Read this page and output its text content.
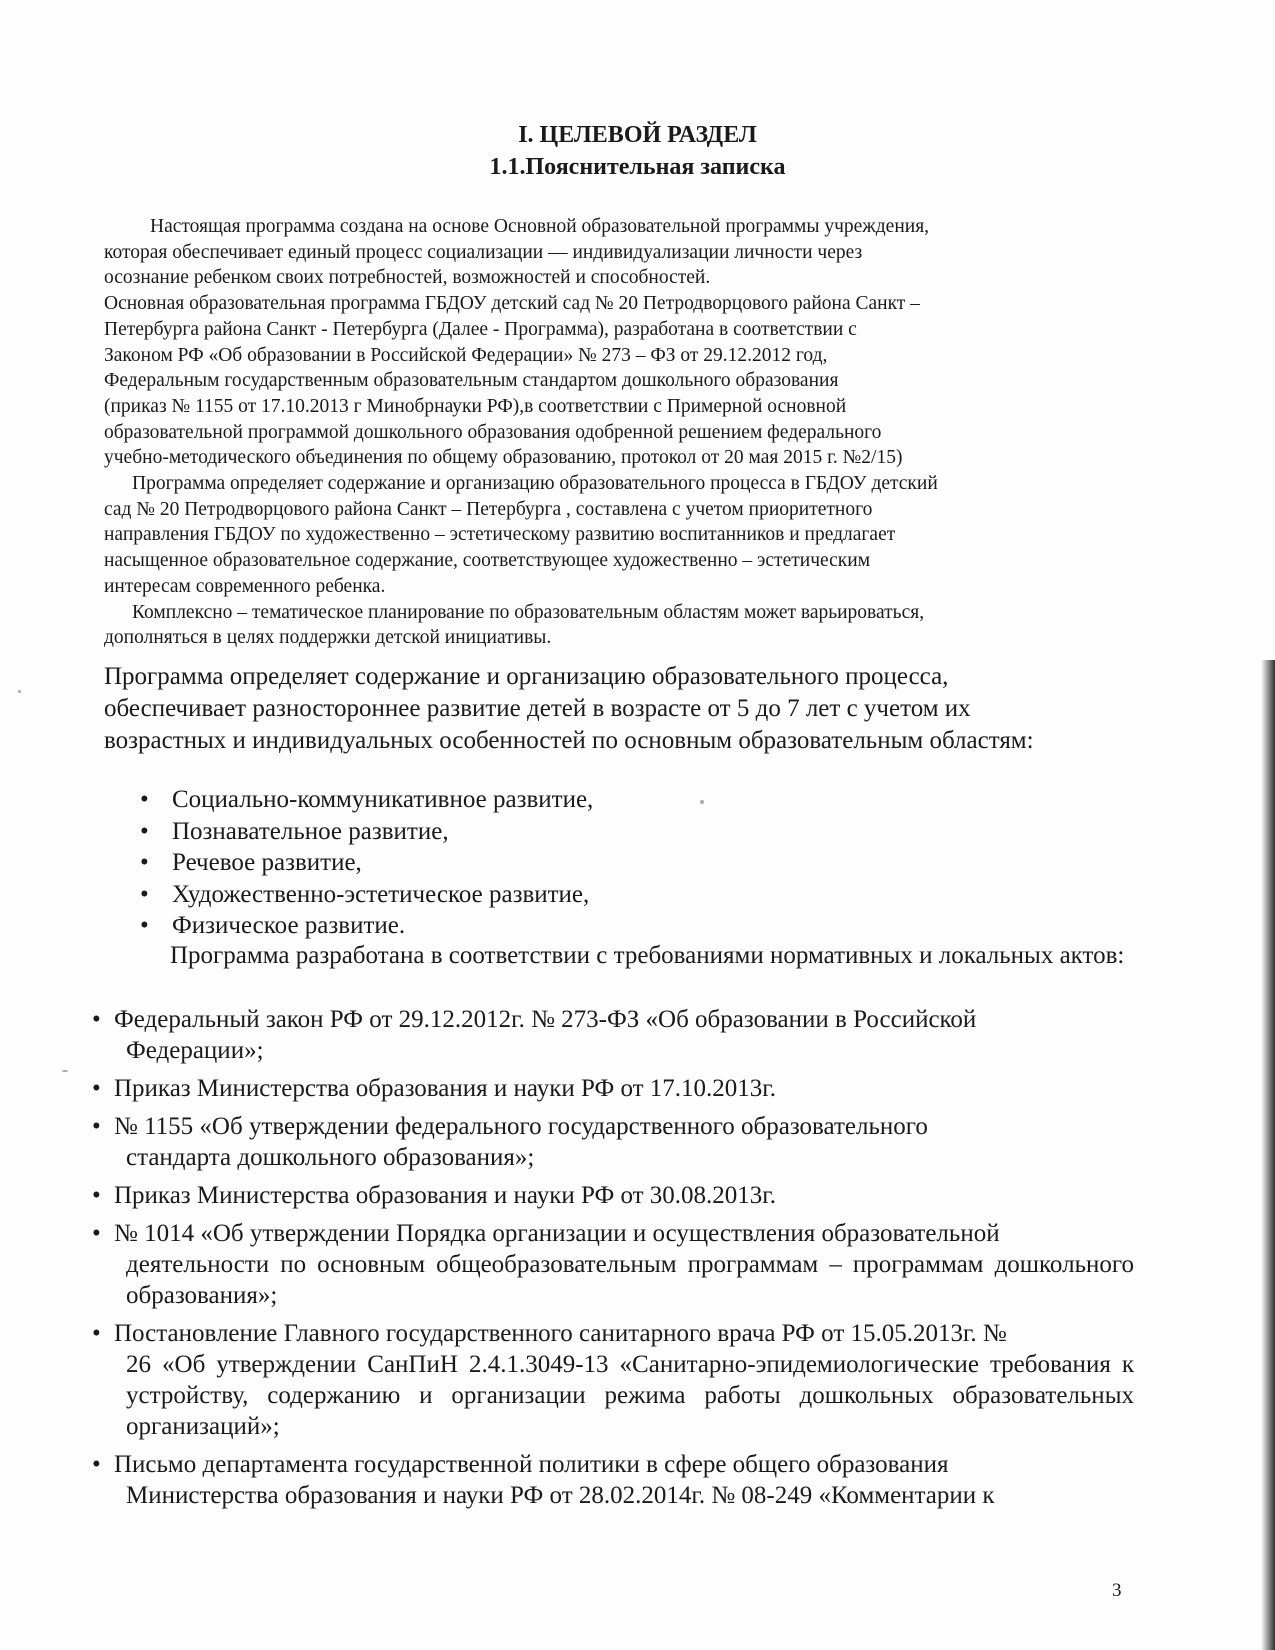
I. ЦЕЛЕВОЙ РАЗДЕЛ
1.1.Пояснительная записка
Настоящая программа создана на основе Основной образовательной программы учреждения,
которая обеспечивает единый процесс социализации — индивидуализации личности через
осознание ребенком своих потребностей, возможностей и способностей.
Основная образовательная программа ГБДОУ детский сад № 20 Петродворцового района Санкт –
Петербурга района Санкт - Петербурга (Далее - Программа), разработана в соответствии с
Законом РФ «Об образовании в Российской Федерации» № 273 – ФЗ от 29.12.2012 год,
Федеральным государственным образовательным стандартом дошкольного образования
(приказ № 1155 от 17.10.2013 г Минобрнауки РФ),в соответствии с Примерной основной
образовательной программой дошкольного образования одобренной решением федерального
учебно-методического объединения по общему образованию, протокол от 20 мая 2015 г. №2/15)
Программа определяет содержание и организацию образовательного процесса в ГБДОУ детский
сад № 20 Петродворцового района Санкт – Петербурга , составлена с учетом приоритетного
направления ГБДОУ по художественно – эстетическому развитию воспитанников и предлагает
насыщенное образовательное содержание, соответствующее художественно – эстетическим
интересам современного ребенка.
Комплексно – тематическое планирование по образовательным областям может варьироваться,
дополняться в целях поддержки детской инициативы.
Программа определяет содержание и организацию образовательного процесса,
обеспечивает разностороннее развитие детей в возрасте от 5 до 7 лет с учетом их
возрастных и индивидуальных особенностей по основным образовательным областям:
• Социально-коммуникативное развитие,
• Познавательное развитие,
• Речевое развитие,
• Художественно-эстетическое развитие,
• Физическое развитие.

Программа разработана в соответствии с требованиями нормативных и локальных актов:

• Федеральный закон РФ от 29.12.2012г. № 273-ФЗ «Об образовании в Российской
Федерации»;
• Приказ Министерства образования и науки РФ от 17.10.2013г.
• № 1155 «Об утверждении федерального государственного образовательного
стандарта дошкольного образования»;
• Приказ Министерства образования и науки РФ от 30.08.2013г.
• № 1014 «Об утверждении Порядка организации и осуществления образовательной
деятельности по основным общеобразовательным программам – программам дошкольного образования»;
• Постановление Главного государственного санитарного врача РФ от 15.05.2013г. №
26 «Об утверждении СанПиН 2.4.1.3049-13 «Санитарно-эпидемиологические требования к устройству, содержанию и организации режима работы дошкольных образовательных организаций»;
• Письмо департамента государственной политики в сфере общего образования
Министерства образования и науки РФ от 28.02.2014г. № 08-249 «Комментарии к
3
